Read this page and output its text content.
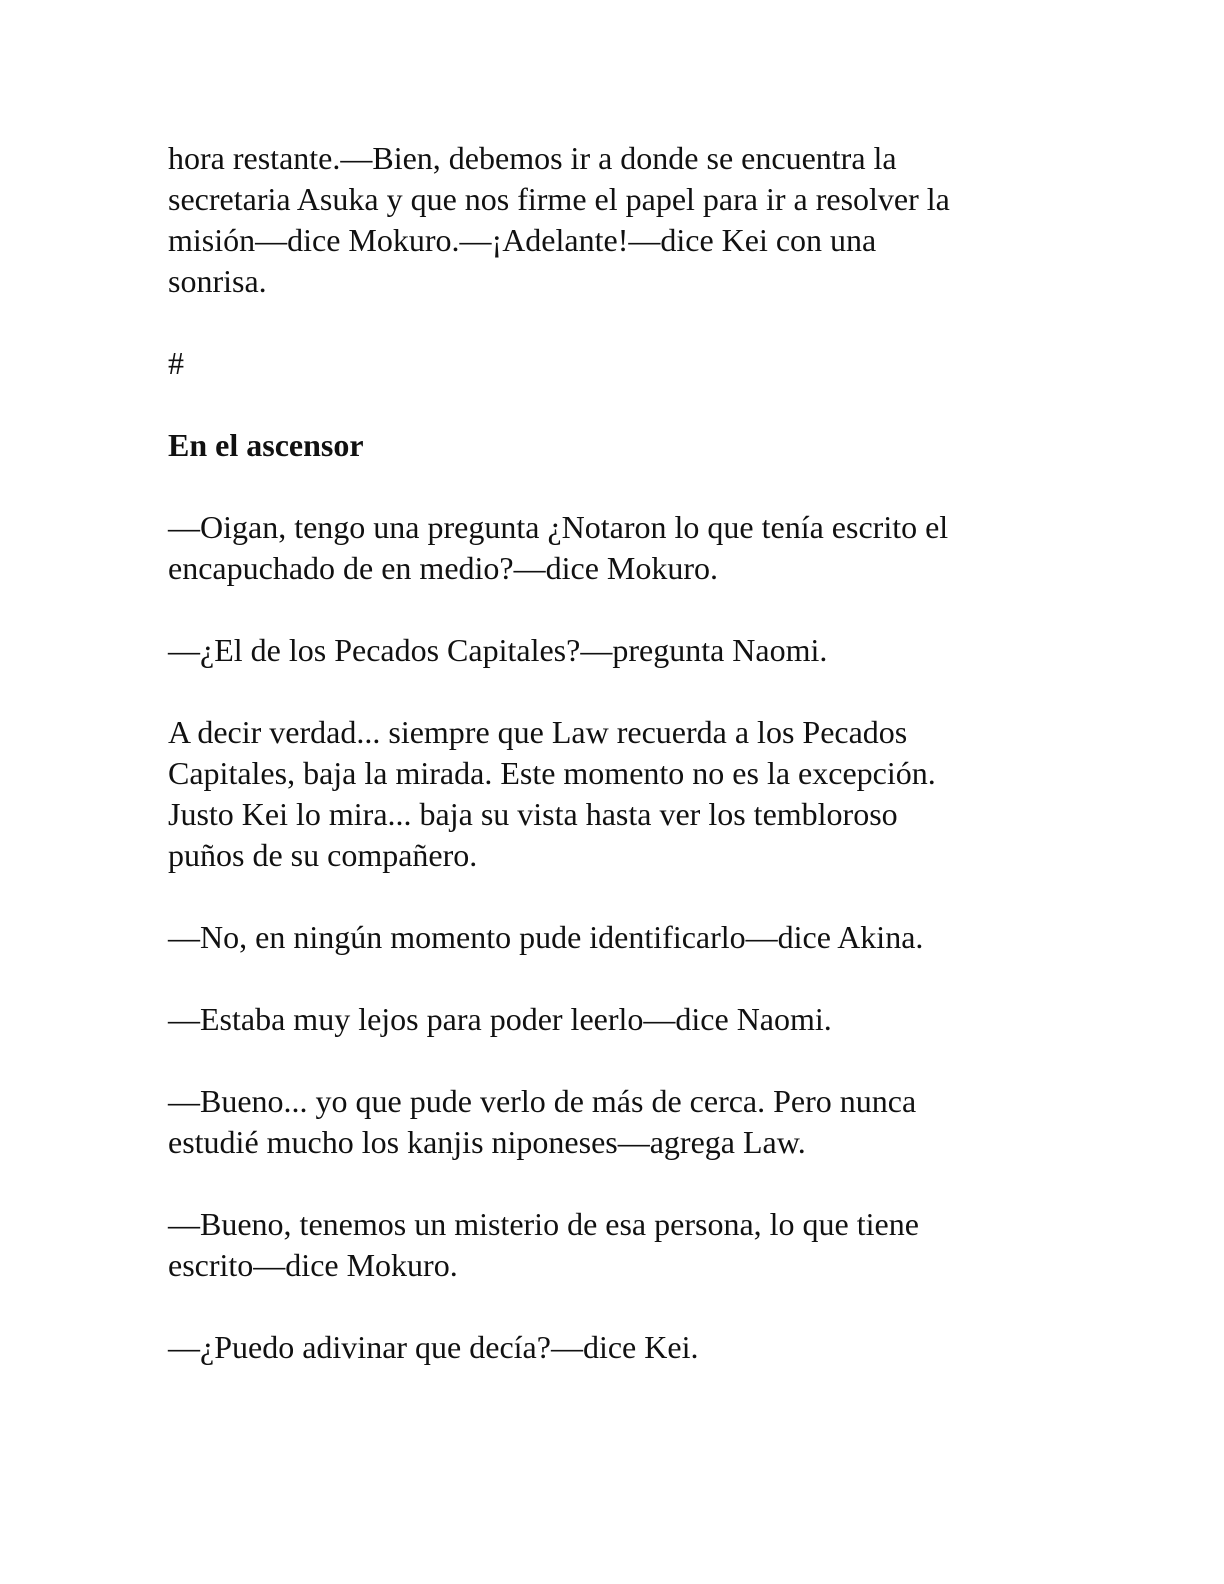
hora restante.—Bien, debemos ir a donde se encuentra la
secretaria Asuka y que nos firme el papel para ir a resolver la
misión—dice Mokuro.—¡Adelante!—dice Kei con una
sonrisa.

#

En el ascensor

—Oigan, tengo una pregunta ¿Notaron lo que tenía escrito el
encapuchado de en medio?—dice Mokuro.

—¿El de los Pecados Capitales?—pregunta Naomi.

A decir verdad... siempre que Law recuerda a los Pecados
Capitales, baja la mirada. Este momento no es la excepción.
Justo Kei lo mira... baja su vista hasta ver los tembloroso
puños de su compañero.

—No, en ningún momento pude identificarlo—dice Akina.

—Estaba muy lejos para poder leerlo—dice Naomi.

—Bueno... yo que pude verlo de más de cerca. Pero nunca
estudié mucho los kanjis niponeses—agrega Law.

—Bueno, tenemos un misterio de esa persona, lo que tiene
escrito—dice Mokuro.

—¿Puedo adivinar que decía?—dice Kei.
